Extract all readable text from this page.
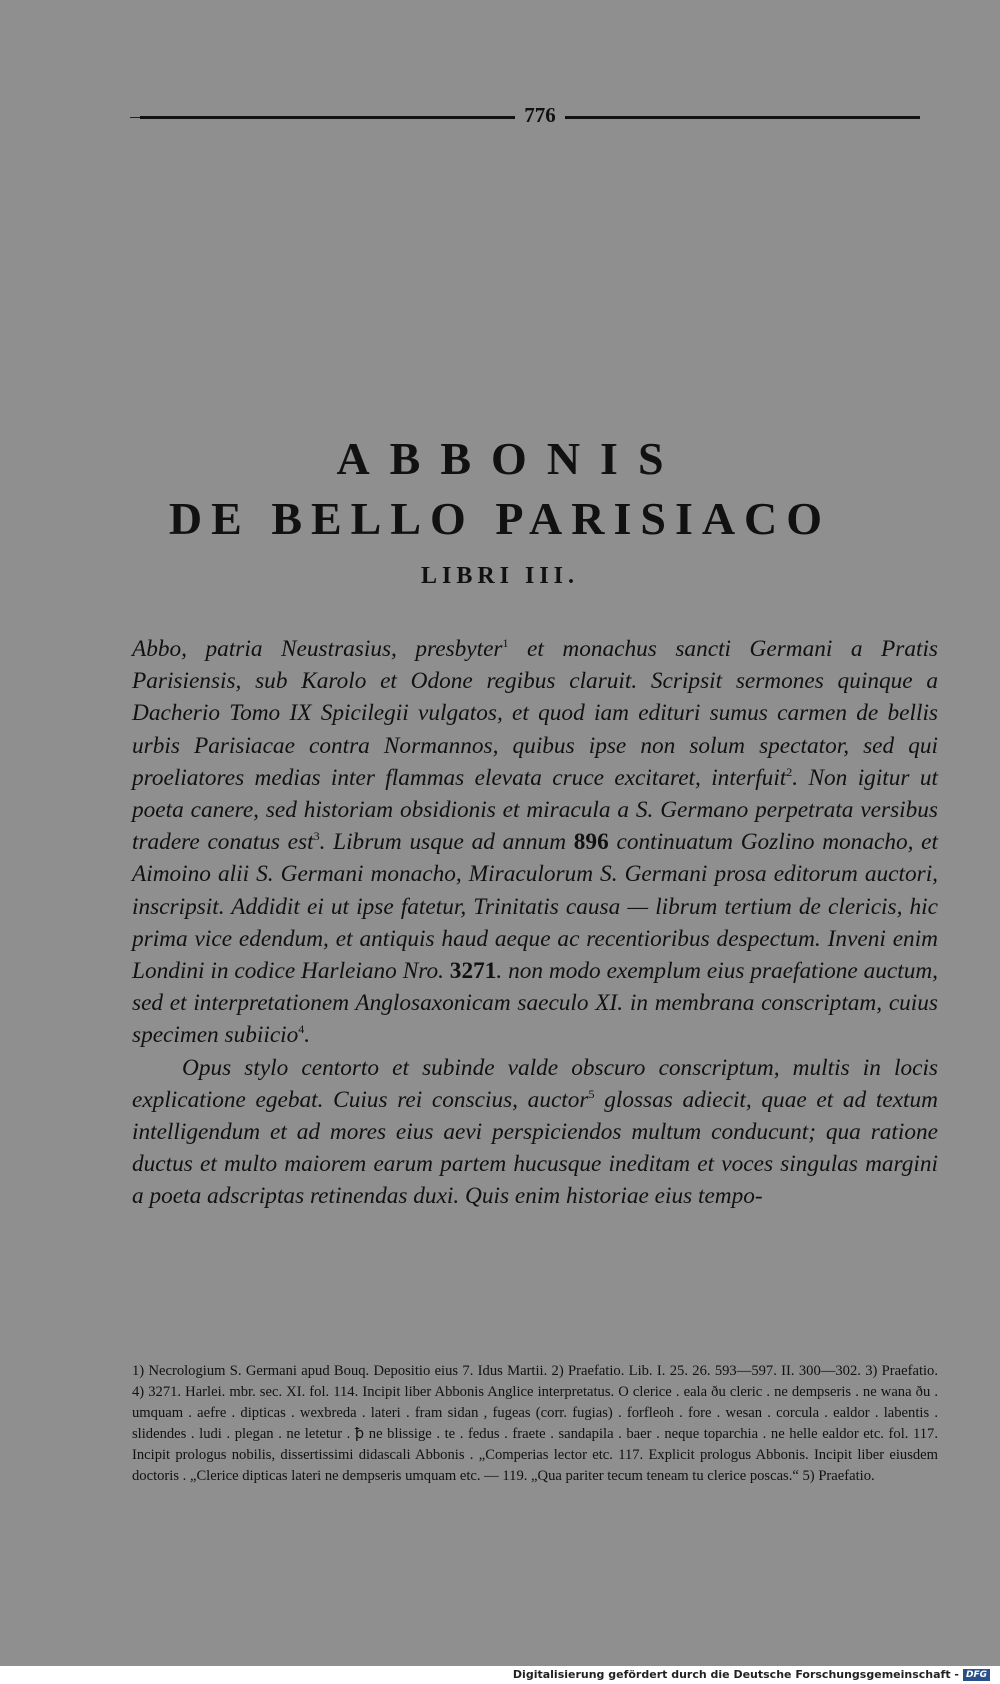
776
ABBONIS
DE BELLO PARISIACO
LIBRI III.

Abbo, patria Neustrasius, presbyter$^1$ et monachus sancti Germani a Pratis Parisiensis, sub Karolo et Odone regibus claruit. Scripsit sermones quinque a Dacherio Tomo IX Spicilegii vulgatos, et quod iam edituri sumus carmen de bellis urbis Parisiacae contra Normannos, quibus ipse non solum spectator, sed qui proeliatores medias inter flammas elevata cruce excitaret, interfuit$^2$. Non igitur ut poeta canere, sed historiam obsidionis et miracula a S. Germano perpetrata versibus tradere conatus est$^3$. Librum usque ad annum 896 continuatum Gozlino monacho, et Aimoino alii S. Germani monacho, Miraculorum S. Germani prosa editorum auctori, inscripsit. Addidit ei ut ipse fatetur, Trinitatis causa — librum tertium de clericis, hic prima vice edendum, et antiquis haud aeque ac recentioribus despectum. Inveni enim Londini in codice Harleiano Nro. 3271. non modo exemplum eius praefatione auctum, sed et interpretationem Anglosaxonicam saeculo XI. in membrana conscriptam, cuius specimen subiicio$^4$.

Opus stylo centorto et subinde valde obscuro conscriptum, multis in locis explicatione egebat. Cuius rei conscius, auctor$^5$ glossas adiecit, quae et ad textum intelligendum et ad mores eius aevi perspiciendos multum conducunt; qua ratione ductus et multo maiorem earum partem hucusque ineditam et voces singulas margini a poeta adscriptas retinendas duxi. Quis enim historiae eius tempo-

1) Necrologium S. Germani apud Bouq. Depositio eius 7. Idus Martii. 2) Praefatio. Lib. I. 25. 26. 593—597. II. 300—302. 3) Praefatio. 4) 3271. Harlei. mbr. sec. XI. fol. 114. Incipit liber Abbonis Anglice interpretatus. O clerice . eala ðu cleric . ne dempseris . ne wana ðu . umquam . aefre . dipticas . wexbreda . lateri . fram sidan , fugeas (corr. fugias) . forfleoh . fore . wesan . corcula . ealdor . labentis . slidendes . ludi . plegan . ne letetur . ꝥ ne blissige . te . fedus . fraete . sandapila . baer . neque toparchia . ne helle ealdor etc. fol. 117. Incipit prologus nobilis, dissertissimi didascali Abbonis . „Comperias lector etc. 117. Explicit prologus Abbonis. Incipit liber eiusdem doctoris . „Clerice dipticas lateri ne dempseris umquam etc. — 119. „Qua pariter tecum teneam tu clerice poscas.“ 5) Praefatio.

Digitalisierung gefördert durch die Deutsche Forschungsgemeinschaft - DFG
